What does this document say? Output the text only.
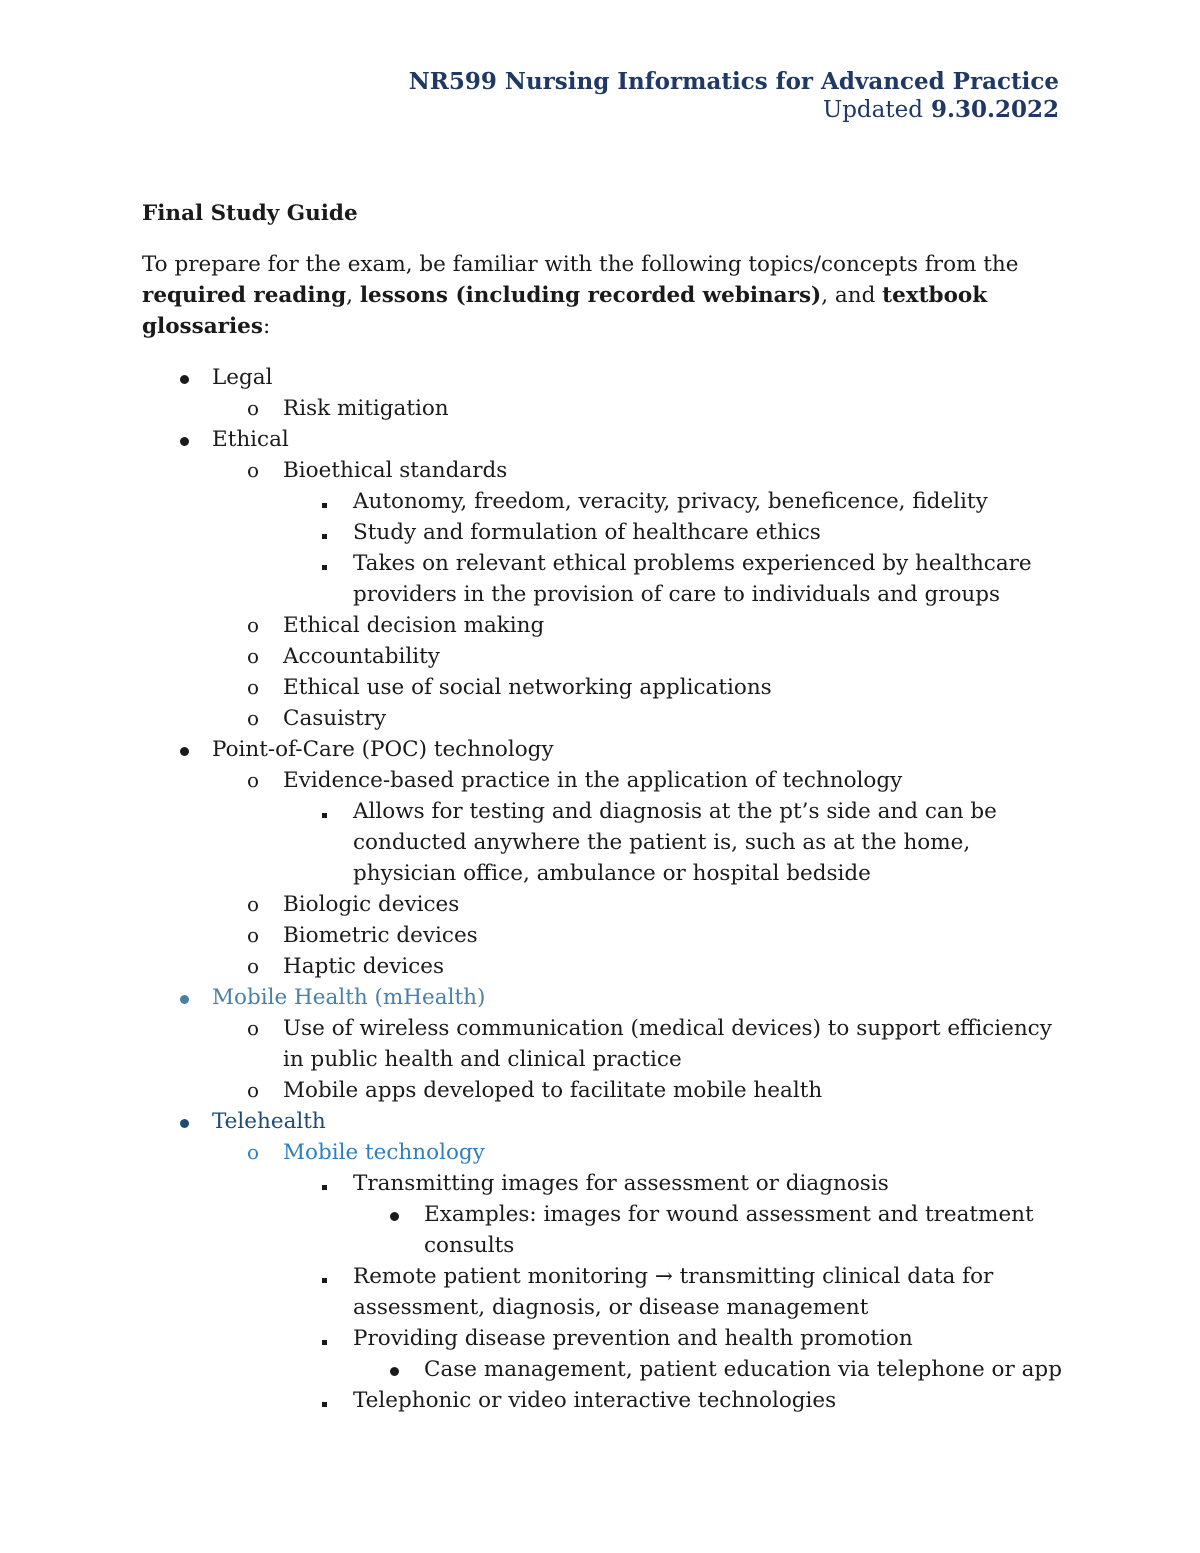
NR599 Nursing Informatics for Advanced Practice
Updated 9.30.2022
Final Study Guide
To prepare for the exam, be familiar with the following topics/concepts from the required reading, lessons (including recorded webinars), and textbook glossaries:
Legal
o Risk mitigation
Ethical
o Bioethical standards
Autonomy, freedom, veracity, privacy, beneficence, fidelity
Study and formulation of healthcare ethics
Takes on relevant ethical problems experienced by healthcare providers in the provision of care to individuals and groups
o Ethical decision making
o Accountability
o Ethical use of social networking applications
o Casuistry
Point-of-Care (POC) technology
o Evidence-based practice in the application of technology
Allows for testing and diagnosis at the pt’s side and can be conducted anywhere the patient is, such as at the home, physician office, ambulance or hospital bedside
o Biologic devices
o Biometric devices
o Haptic devices
Mobile Health (mHealth)
o Use of wireless communication (medical devices) to support efficiency in public health and clinical practice
o Mobile apps developed to facilitate mobile health
Telehealth
o Mobile technology
Transmitting images for assessment or diagnosis
Examples: images for wound assessment and treatment consults
Remote patient monitoring → transmitting clinical data for assessment, diagnosis, or disease management
Providing disease prevention and health promotion
Case management, patient education via telephone or app
Telephonic or video interactive technologies
